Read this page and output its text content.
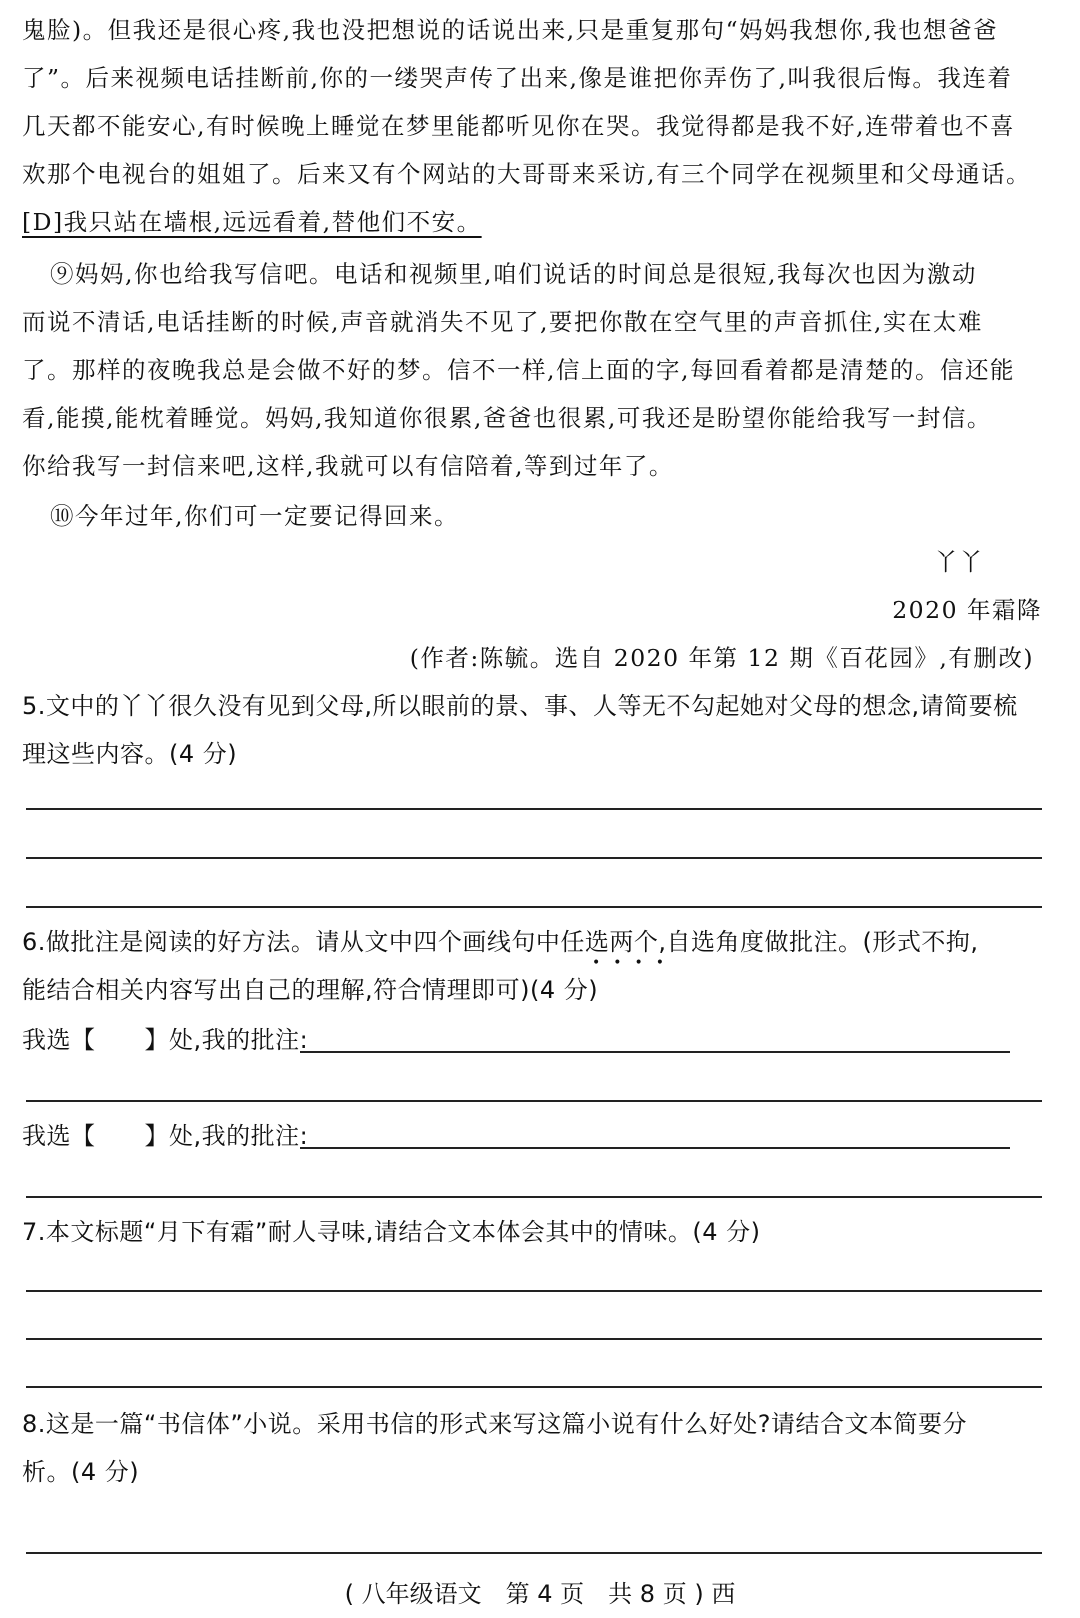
鬼脸)。但我还是很心疼,我也没把想说的话说出来,只是重复那句“妈妈我想你,我也想爸爸
了”。后来视频电话挂断前,你的一缕哭声传了出来,像是谁把你弄伤了,叫我很后悔。我连着
几天都不能安心,有时候晚上睡觉在梦里能都听见你在哭。我觉得都是我不好,连带着也不喜
欢那个电视台的姐姐了。后来又有个网站的大哥哥来采访,有三个同学在视频里和父母通话。
[D]我只站在墙根,远远看着,替他们不安。
⑨妈妈,你也给我写信吧。电话和视频里,咱们说话的时间总是很短,我每次也因为激动
而说不清话,电话挂断的时候,声音就消失不见了,要把你散在空气里的声音抓住,实在太难
了。那样的夜晚我总是会做不好的梦。信不一样,信上面的字,每回看着都是清楚的。信还能
看,能摸,能枕着睡觉。妈妈,我知道你很累,爸爸也很累,可我还是盼望你能给我写一封信。
你给我写一封信来吧,这样,我就可以有信陪着,等到过年了。
⑩今年过年,你们可一定要记得回来。
丫丫
2020 年霜降
(作者:陈毓。选自 2020 年第 12 期《百花园》,有删改)
5.文中的丫丫很久没有见到父母,所以眼前的景、事、人等无不勾起她对父母的想念,请简要梳
理这些内容。(4 分)
6.做批注是阅读的好方法。请从文中四个画线句中任选两个,自选角度做批注。(形式不拘,
••••
能结合相关内容写出自己的理解,符合情理即可)(4 分)
我选【　　】处,我的批注:
我选【　　】处,我的批注:
7.本文标题“月下有霜”耐人寻味,请结合文本体会其中的情味。(4 分)
8.这是一篇“书信体”小说。采用书信的形式来写这篇小说有什么好处?请结合文本简要分
析。(4 分)
( 八年级语文　第 4 页　共 8 页 ) 西
